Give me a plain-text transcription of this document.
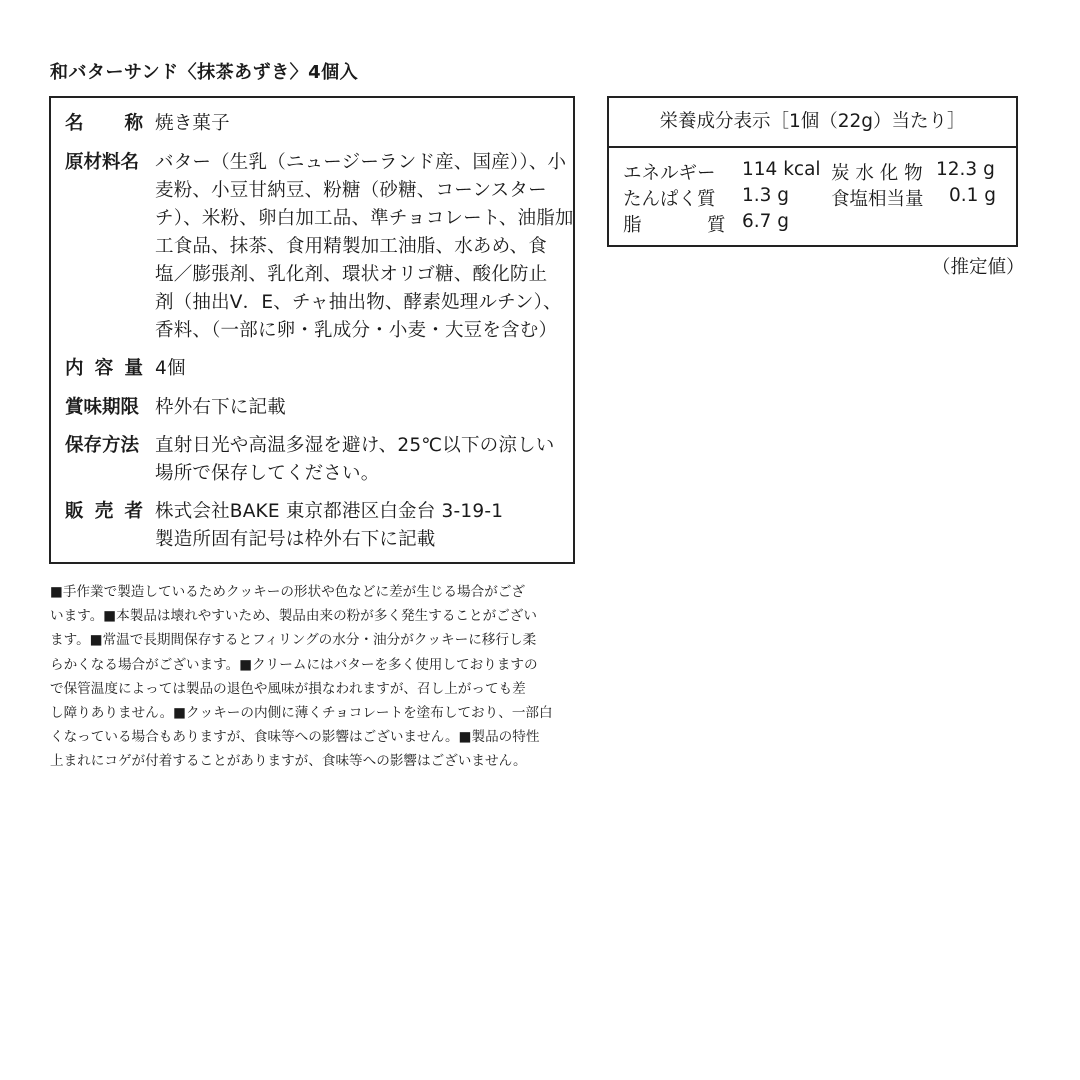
和バターサンド〈抹茶あずき〉4個入
名 称 焼き菓子
原材料名 バター（生乳（ニュージーランド産、国産））、小
麦粉、小豆甘納豆、粉糖（砂糖、コーンスター
チ）、米粉、卵白加工品、準チョコレート、油脂加
工食品、抹茶、食用精製加工油脂、水あめ、食
塩／膨張剤、乳化剤、環状オリゴ糖、酸化防止
剤（抽出V．E、チャ抽出物、酵素処理ルチン）、
香料、（一部に卵・乳成分・小麦・大豆を含む）
内 容 量 4個
賞味期限 枠外右下に記載
保存方法 直射日光や高温多湿を避け、25℃以下の涼しい
場所で保存してください。
販 売 者 株式会社BAKE 東京都港区白金台 3-19-1
製造所固有記号は枠外右下に記載
栄養成分表示［1個（22g）当たり］
エネルギー 114 kcal 炭 水 化 物 12.3 g
たんぱく質 1.3 g 食塩相当量 0.1 g
脂	質 6.7 g
（推定値）
■手作業で製造しているためクッキーの形状や色などに差が生じる場合がござ
います。■本製品は壊れやすいため、製品由来の粉が多く発生することがござい
ます。■常温で長期間保存するとフィリングの水分・油分がクッキーに移行し柔
らかくなる場合がございます。■クリームにはバターを多く使用しておりますの
で保管温度によっては製品の退色や風味が損なわれますが、召し上がっても差
し障りありません。■クッキーの内側に薄くチョコレートを塗布しており、一部白
くなっている場合もありますが、食味等への影響はございません。■製品の特性
上まれにコゲが付着することがありますが、食味等への影響はございません。
